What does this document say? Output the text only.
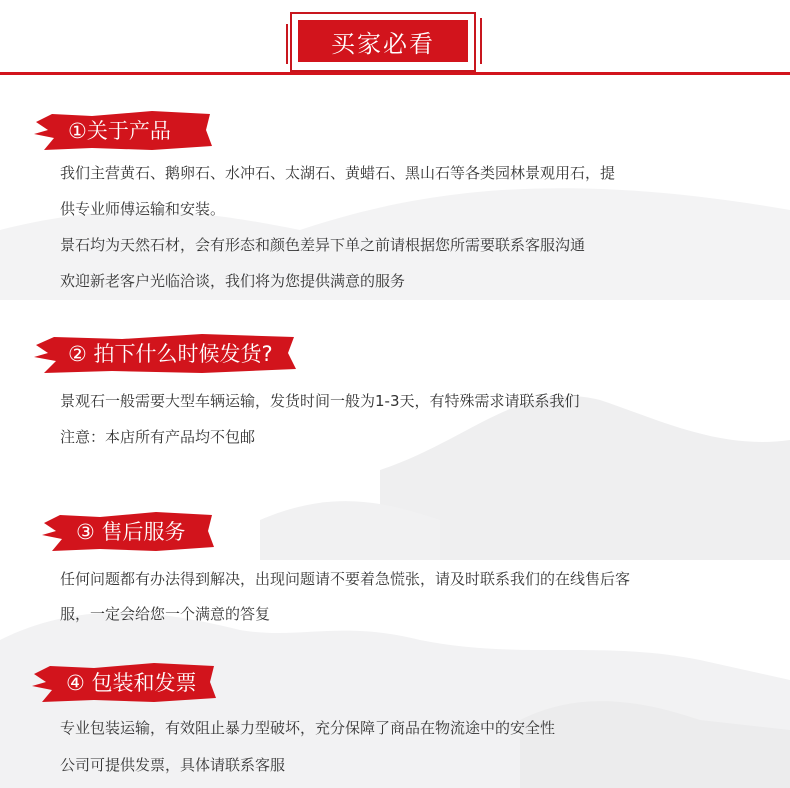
买家必看
①关于产品

我们主营黄石、鹅卵石、水冲石、太湖石、黄蜡石、黑山石等各类园林景观用石，提

供专业师傅运输和安装。

景石均为天然石材，会有形态和颜色差异下单之前请根据您所需要联系客服沟通

欢迎新老客户光临洽谈，我们将为您提供满意的服务

② 拍下什么时候发货?

景观石一般需要大型车辆运输，发货时间一般为1-3天，有特殊需求请联系我们

注意：本店所有产品均不包邮

③ 售后服务

任何问题都有办法得到解决，出现问题请不要着急慌张，请及时联系我们的在线售后客

服，一定会给您一个满意的答复

④ 包装和发票

专业包装运输，有效阻止暴力型破坏，充分保障了商品在物流途中的安全性

公司可提供发票，具体请联系客服
